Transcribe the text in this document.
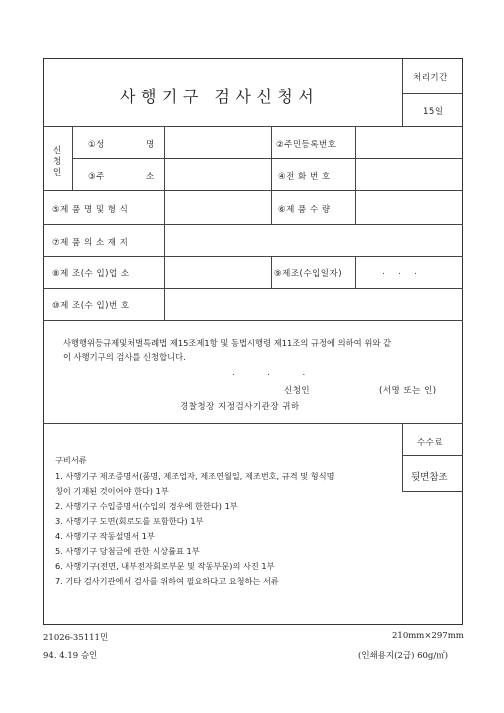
사행기구 검사신청서
처리기간
15일
신
청
인
①성 명	②주민등록번호
③주 소	④전 화 번 호
⑤제 품 명 및 형 식	⑥제 품 수 량
⑦제 품 의 소 재 지
⑧제 조(수 입)업 소	⑨제조(수입일자)	.    .    .
⑩제 조(수 입)번 호
사행행위등규제및처벌특례법 제15조제1항 및 동법시행령 제11조의 규정에 의하여 위와 같
이 사행기구의 검사를 신청합니다.
.          .          .
신청인	(서명 또는 인)
경찰청장 지정검사기관장 귀하
수수료
뒷면참조
구비서류
1. 사행기구 제조증명서(품명, 제조업자, 제조연월일, 제조번호, 규격 및 형식명
칭이 기재된 것이어야 한다) 1부
2. 사행기구 수입증명서(수입의 경우에 한한다) 1부
3. 사행기구 도면(회로도를 포함한다) 1부
4. 사행기구 작동설명서 1부
5. 사행기구 당첨금에 관한 시상률표 1부
6. 사행기구(전면, 내부전자회로부문 및 작동부문)의 사진 1부
7. 기타 검사기관에서 검사를 위하여 필요하다고 요청하는 서류
21026-35111민
94. 4.19 승인
210mm×297mm
(인쇄용지(2급) 60g/㎡)
